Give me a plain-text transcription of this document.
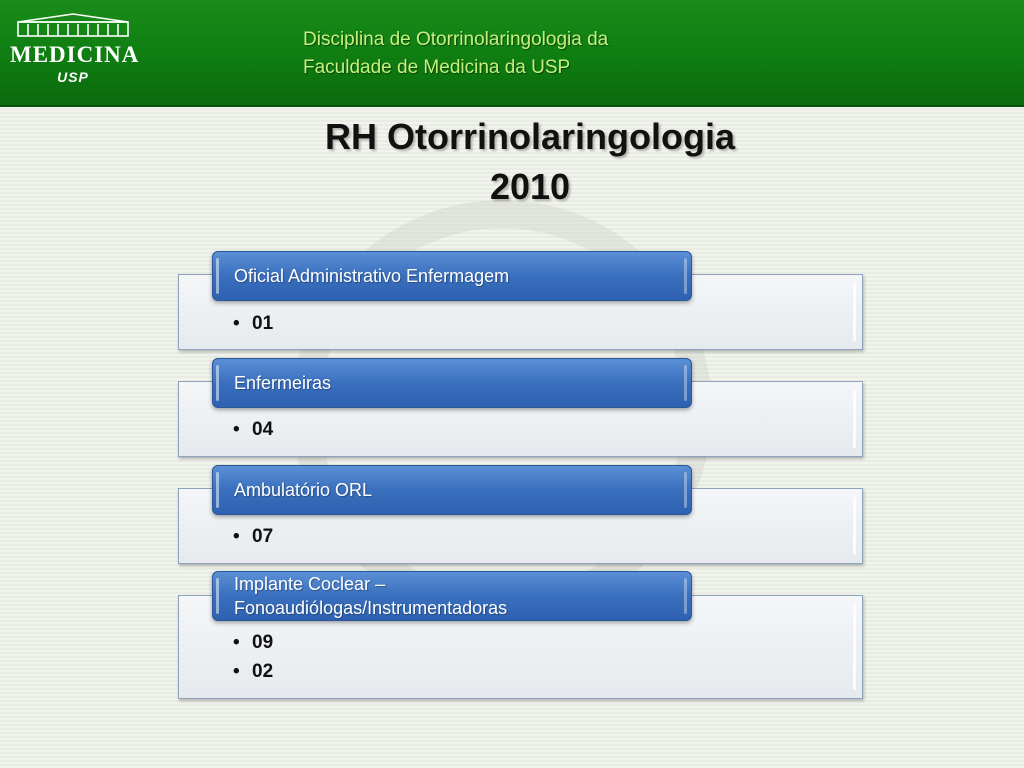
MEDICINA
USP
Disciplina de Otorrinolaringologia da
Faculdade de Medicina da USP
RH Otorrinolaringologia
2010
Oficial Administrativo Enfermagem
• 01
Enfermeiras
• 04
Ambulatório ORL
• 07
Implante Coclear –
Fonoaudiólogas/Instrumentadoras
• 09
• 02
